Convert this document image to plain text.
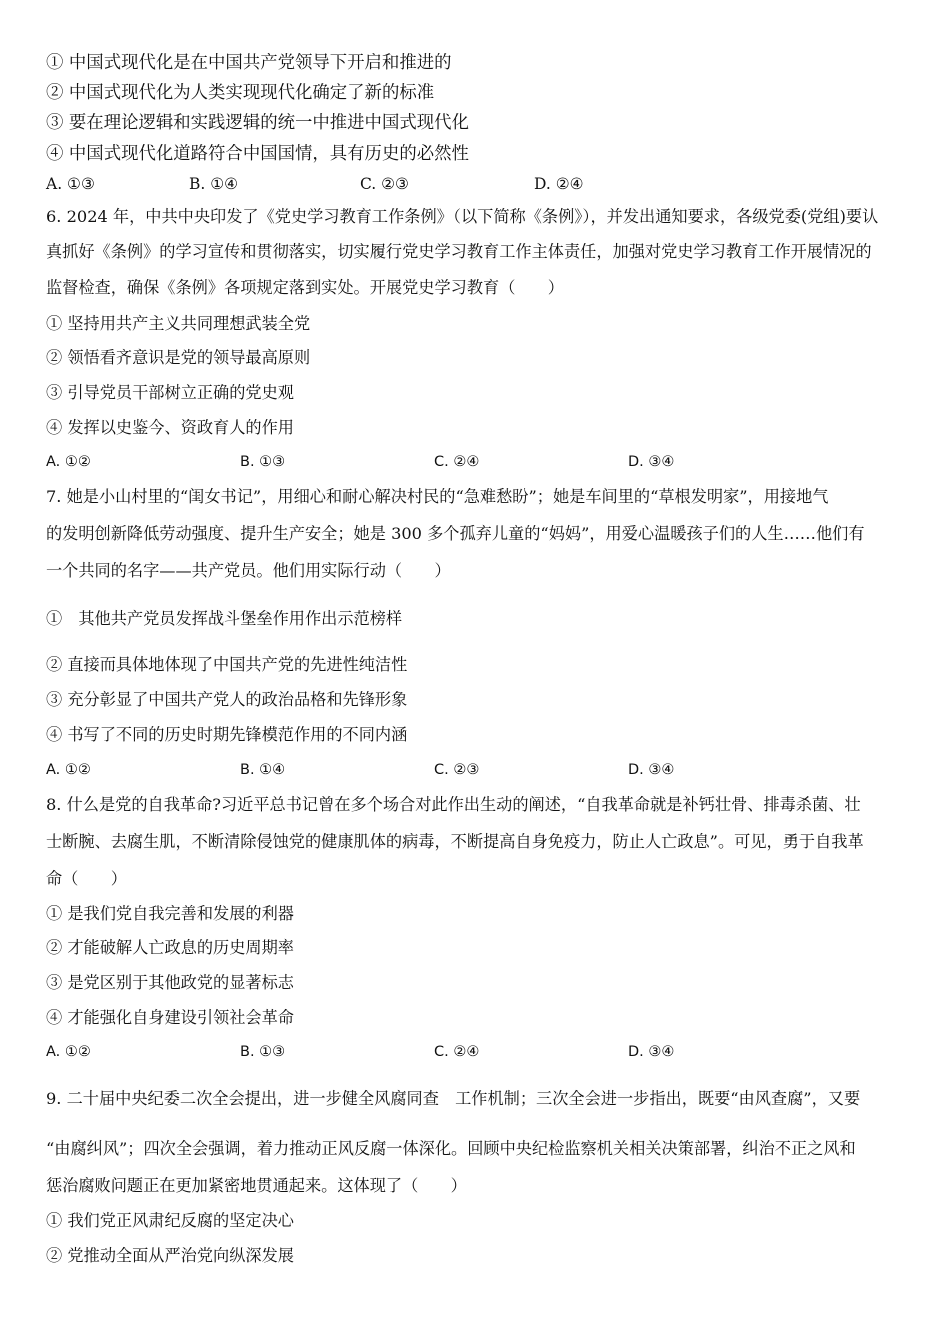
① 中国式现代化是在中国共产党领导下开启和推进的
② 中国式现代化为人类实现现代化确定了新的标准
③ 要在理论逻辑和实践逻辑的统一中推进中国式现代化
④ 中国式现代化道路符合中国国情，具有历史的必然性
A. ①③	B. ①④	C. ②③	D. ②④
6. 2024 年，中共中央印发了《党史学习教育工作条例》（以下简称《条例》），并发出通知要求，各级党委(党组)要认
真抓好《条例》的学习宣传和贯彻落实，切实履行党史学习教育工作主体责任，加强对党史学习教育工作开展情况的
监督检查，确保《条例》各项规定落到实处。开展党史学习教育（　　）
① 坚持用共产主义共同理想武装全党
② 领悟看齐意识是党的领导最高原则
③ 引导党员干部树立正确的党史观
④ 发挥以史鉴今、资政育人的作用
A. ①②	B. ①③	C. ②④	D. ③④
7. 她是小山村里的“闺女书记”，用细心和耐心解决村民的“急难愁盼”；她是车间里的“草根发明家”，用接地气
的发明创新降低劳动强度、提升生产安全；她是 300 多个孤弃儿童的“妈妈”，用爱心温暖孩子们的人生……他们有
一个共同的名字——共产党员。他们用实际行动（　　）
①　其他共产党员发挥战斗堡垒作用作出示范榜样
② 直接而具体地体现了中国共产党的先进性纯洁性
③ 充分彰显了中国共产党人的政治品格和先锋形象
④ 书写了不同的历史时期先锋模范作用的不同内涵
A. ①②	B. ①④	C. ②③	D. ③④
8. 什么是党的自我革命?习近平总书记曾在多个场合对此作出生动的阐述，“自我革命就是补钙壮骨、排毒杀菌、壮
士断腕、去腐生肌，不断清除侵蚀党的健康肌体的病毒，不断提高自身免疫力，防止人亡政息”。可见，勇于自我革
命（　　）
① 是我们党自我完善和发展的利器
② 才能破解人亡政息的历史周期率
③ 是党区别于其他政党的显著标志
④ 才能强化自身建设引领社会革命
A. ①②	B. ①③	C. ②④	D. ③④
9. 二十届中央纪委二次全会提出，进一步健全风腐同查　工作机制；三次全会进一步指出，既要“由风查腐”，又要
“由腐纠风”；四次全会强调，着力推动正风反腐一体深化。回顾中央纪检监察机关相关决策部署，纠治不正之风和
惩治腐败问题正在更加紧密地贯通起来。这体现了（　　）
① 我们党正风肃纪反腐的坚定决心
② 党推动全面从严治党向纵深发展
